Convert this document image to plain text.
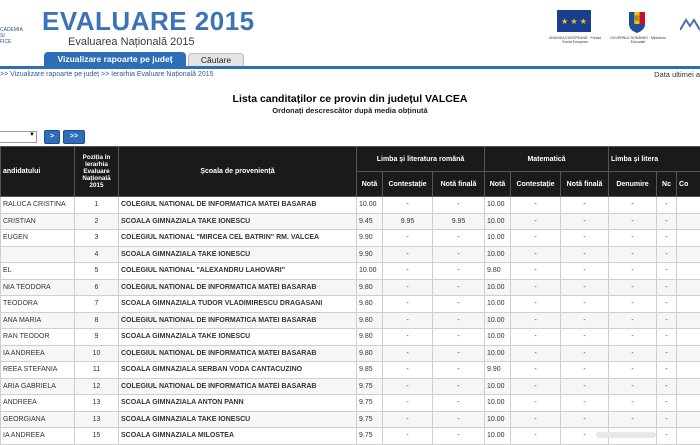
CADEMIA
SI
FICE
EVALUARE 2015
Evaluarea Națională 2015
★ ★ ★
UNIUNEA EUROPEANĂ · Fondul Social European
GUVERNUL ROMÂNIEI · Ministerul Educației
Vizualizare rapoarte pe județ	Căutare
>> Vizualizare rapoarte pe județ >> Ierarhia Evaluare Națională 2015	Data ultimei a
Lista canditaților ce provin din județul VALCEA
Ordonați descrescător după media obținută
▼	>	>>
andidatului	Poziția în Ierarhia Evaluare Națională 2015	Școala de proveniență	Limba și literatura română			Matematică			Limba și litera		
			Notă	Contestație	Notă finală	Notă	Contestație	Notă finală	Denumire	Nc	Co
RALUCA CRISTINA	1	COLEGIUL NATIONAL DE INFORMATICA MATEI BASARAB	10.00	-	-	10.00	-	-	-	-	
CRISTIAN	2	SCOALA GIMNAZIALA TAKE IONESCU	9.45	9.95	9.95	10.00	-	-	-	-	
EUGEN	3	COLEGIUL NATIONAL "MIRCEA CEL BATRIN" RM. VALCEA	9.90	-	-	10.00	-	-	-	-	
	4	SCOALA GIMNAZIALA TAKE IONESCU	9.90	-	-	10.00	-	-	-	-	
EL	5	COLEGIUL NATIONAL "ALEXANDRU LAHOVARI"	10.00	-	-	9.80	-	-	-	-	
NIA TEODORA	6	COLEGIUL NATIONAL DE INFORMATICA MATEI BASARAB	9.80	-	-	10.00	-	-	-	-	
TEODORA	7	SCOALA GIMNAZIALA TUDOR VLADIMIRESCU DRAGASANI	9.80	-	-	10.00	-	-	-	-	
ANA MARIA	8	COLEGIUL NATIONAL DE INFORMATICA MATEI BASARAB	9.80	-	-	10.00	-	-	-	-	
RAN TEODOR	9	SCOALA GIMNAZIALA TAKE IONESCU	9.80	-	-	10.00	-	-	-	-	
IA ANDREEA	10	COLEGIUL NATIONAL DE INFORMATICA MATEI BASARAB	9.80	-	-	10.00	-	-	-	-	
REEA STEFANIA	11	SCOALA GIMNAZIALA SERBAN VODA CANTACUZINO	9.85	-	-	9.90	-	-	-	-	
ARIA GABRIELA	12	COLEGIUL NATIONAL DE INFORMATICA MATEI BASARAB	9.75	-	-	10.00	-	-	-	-	
ANDREEA	13	SCOALA GIMNAZIALA ANTON PANN	9.75	-	-	10.00	-	-	-	-	
GEORGIANA	13	SCOALA GIMNAZIALA TAKE IONESCU	9.75	-	-	10.00	-	-	-	-	
IA ANDREEA	15	SCOALA GIMNAZIALA MILOSTEA	9.75	-	-	10.00	-	-		-	
